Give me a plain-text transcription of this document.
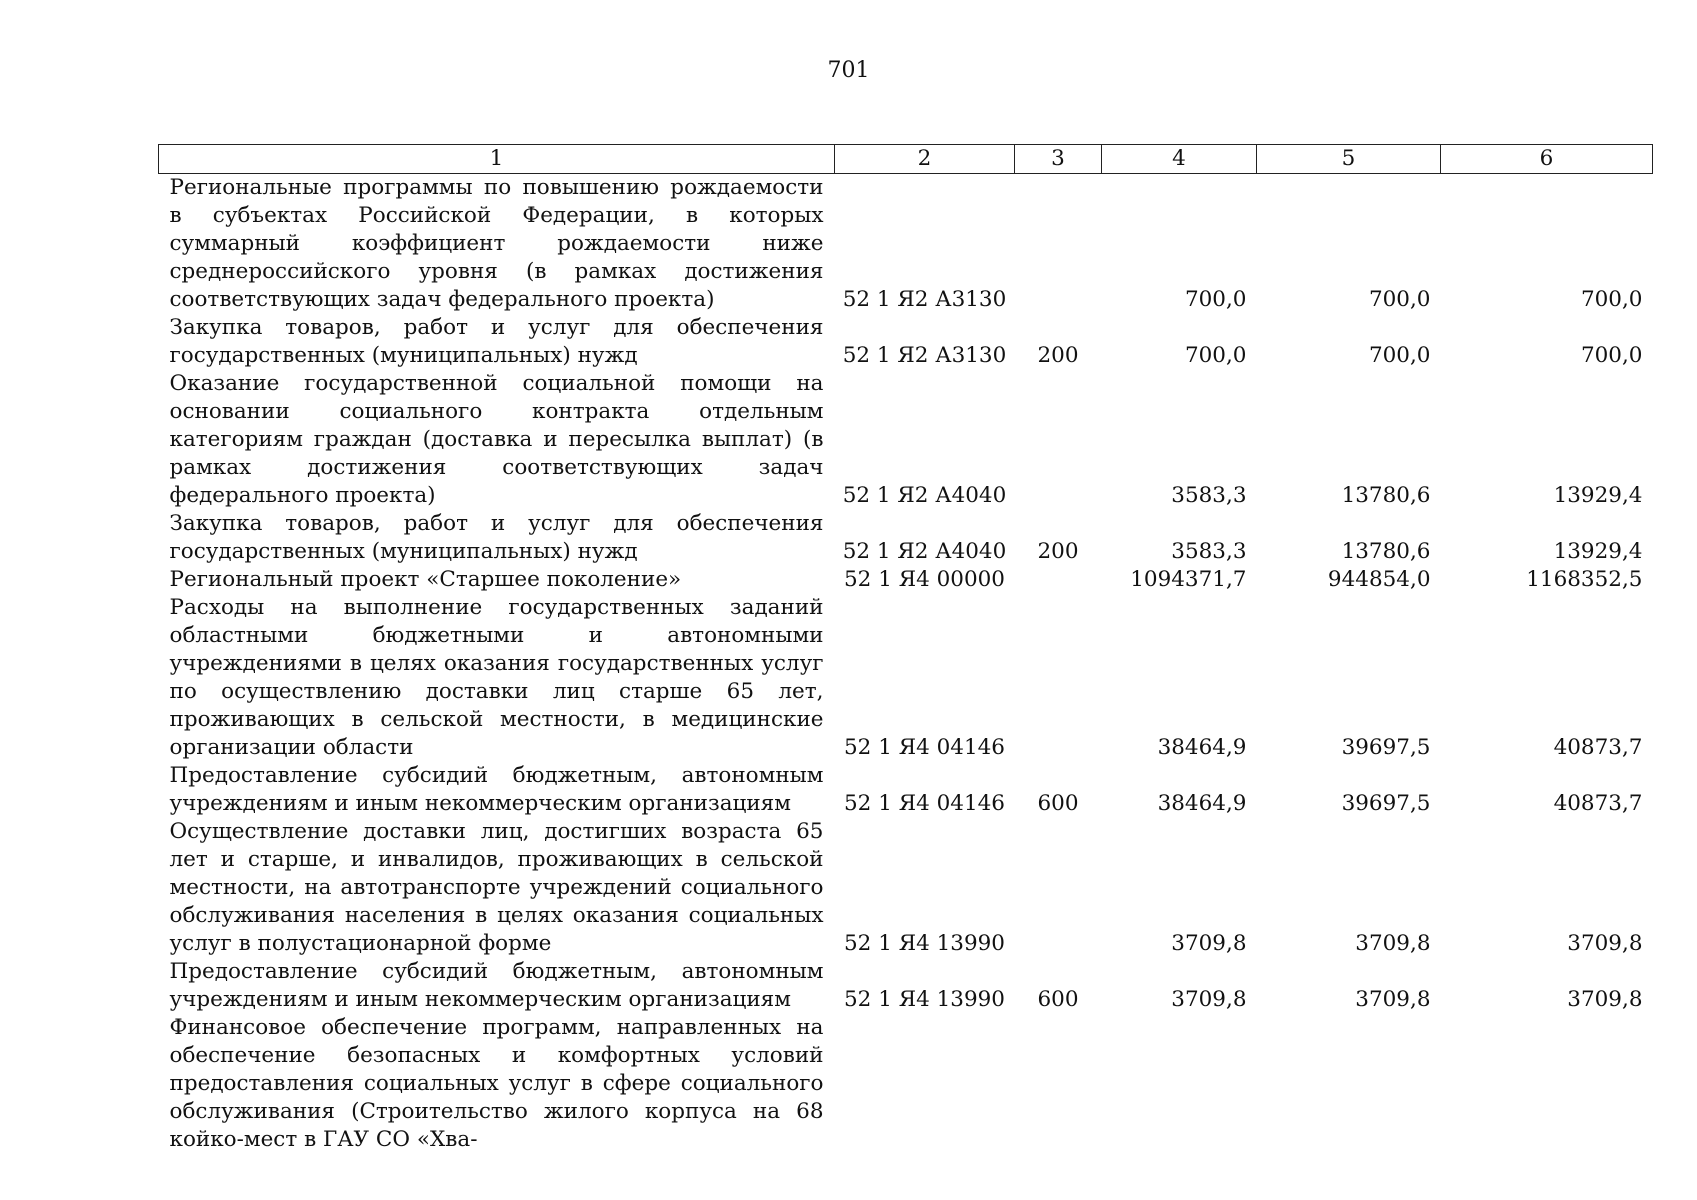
701
1	2	3	4	5	6
Региональные программы по повышению рождаемости в субъектах Российской Федерации, в которых суммарный коэффициент рождаемости ниже среднероссийского уровня (в рамках достижения соответствующих задач федерального проекта)	52 1 Я2 А3130		700,0	700,0	700,0
Закупка товаров, работ и услуг для обеспечения государственных (муниципальных) нужд	52 1 Я2 А3130	200	700,0	700,0	700,0
Оказание государственной социальной помощи на основании социального контракта отдельным категориям граждан (доставка и пересылка выплат) (в рамках достижения соответствующих задач федерального проекта)	52 1 Я2 А4040		3583,3	13780,6	13929,4
Закупка товаров, работ и услуг для обеспечения государственных (муниципальных) нужд	52 1 Я2 А4040	200	3583,3	13780,6	13929,4
Региональный проект «Старшее поколение»	52 1 Я4 00000		1094371,7	944854,0	1168352,5
Расходы на выполнение государственных заданий областными бюджетными и автономными учреждениями в целях оказания государственных услуг по осуществлению доставки лиц старше 65 лет, проживающих в сельской местности, в медицинские организации области	52 1 Я4 04146		38464,9	39697,5	40873,7
Предоставление субсидий бюджетным, автономным учреждениям и иным некоммерческим организациям	52 1 Я4 04146	600	38464,9	39697,5	40873,7
Осуществление доставки лиц, достигших возраста 65 лет и старше, и инвалидов, проживающих в сельской местности, на автотранспорте учреждений социального обслуживания населения в целях оказания социальных услуг в полустационарной форме	52 1 Я4 13990		3709,8	3709,8	3709,8
Предоставление субсидий бюджетным, автономным учреждениям и иным некоммерческим организациям	52 1 Я4 13990	600	3709,8	3709,8	3709,8
Финансовое обеспечение программ, направленных на обеспечение безопасных и комфортных условий предоставления социальных услуг в сфере социального обслуживания (Строительство жилого корпуса на 68 койко-мест в ГАУ СО «Хва-					
